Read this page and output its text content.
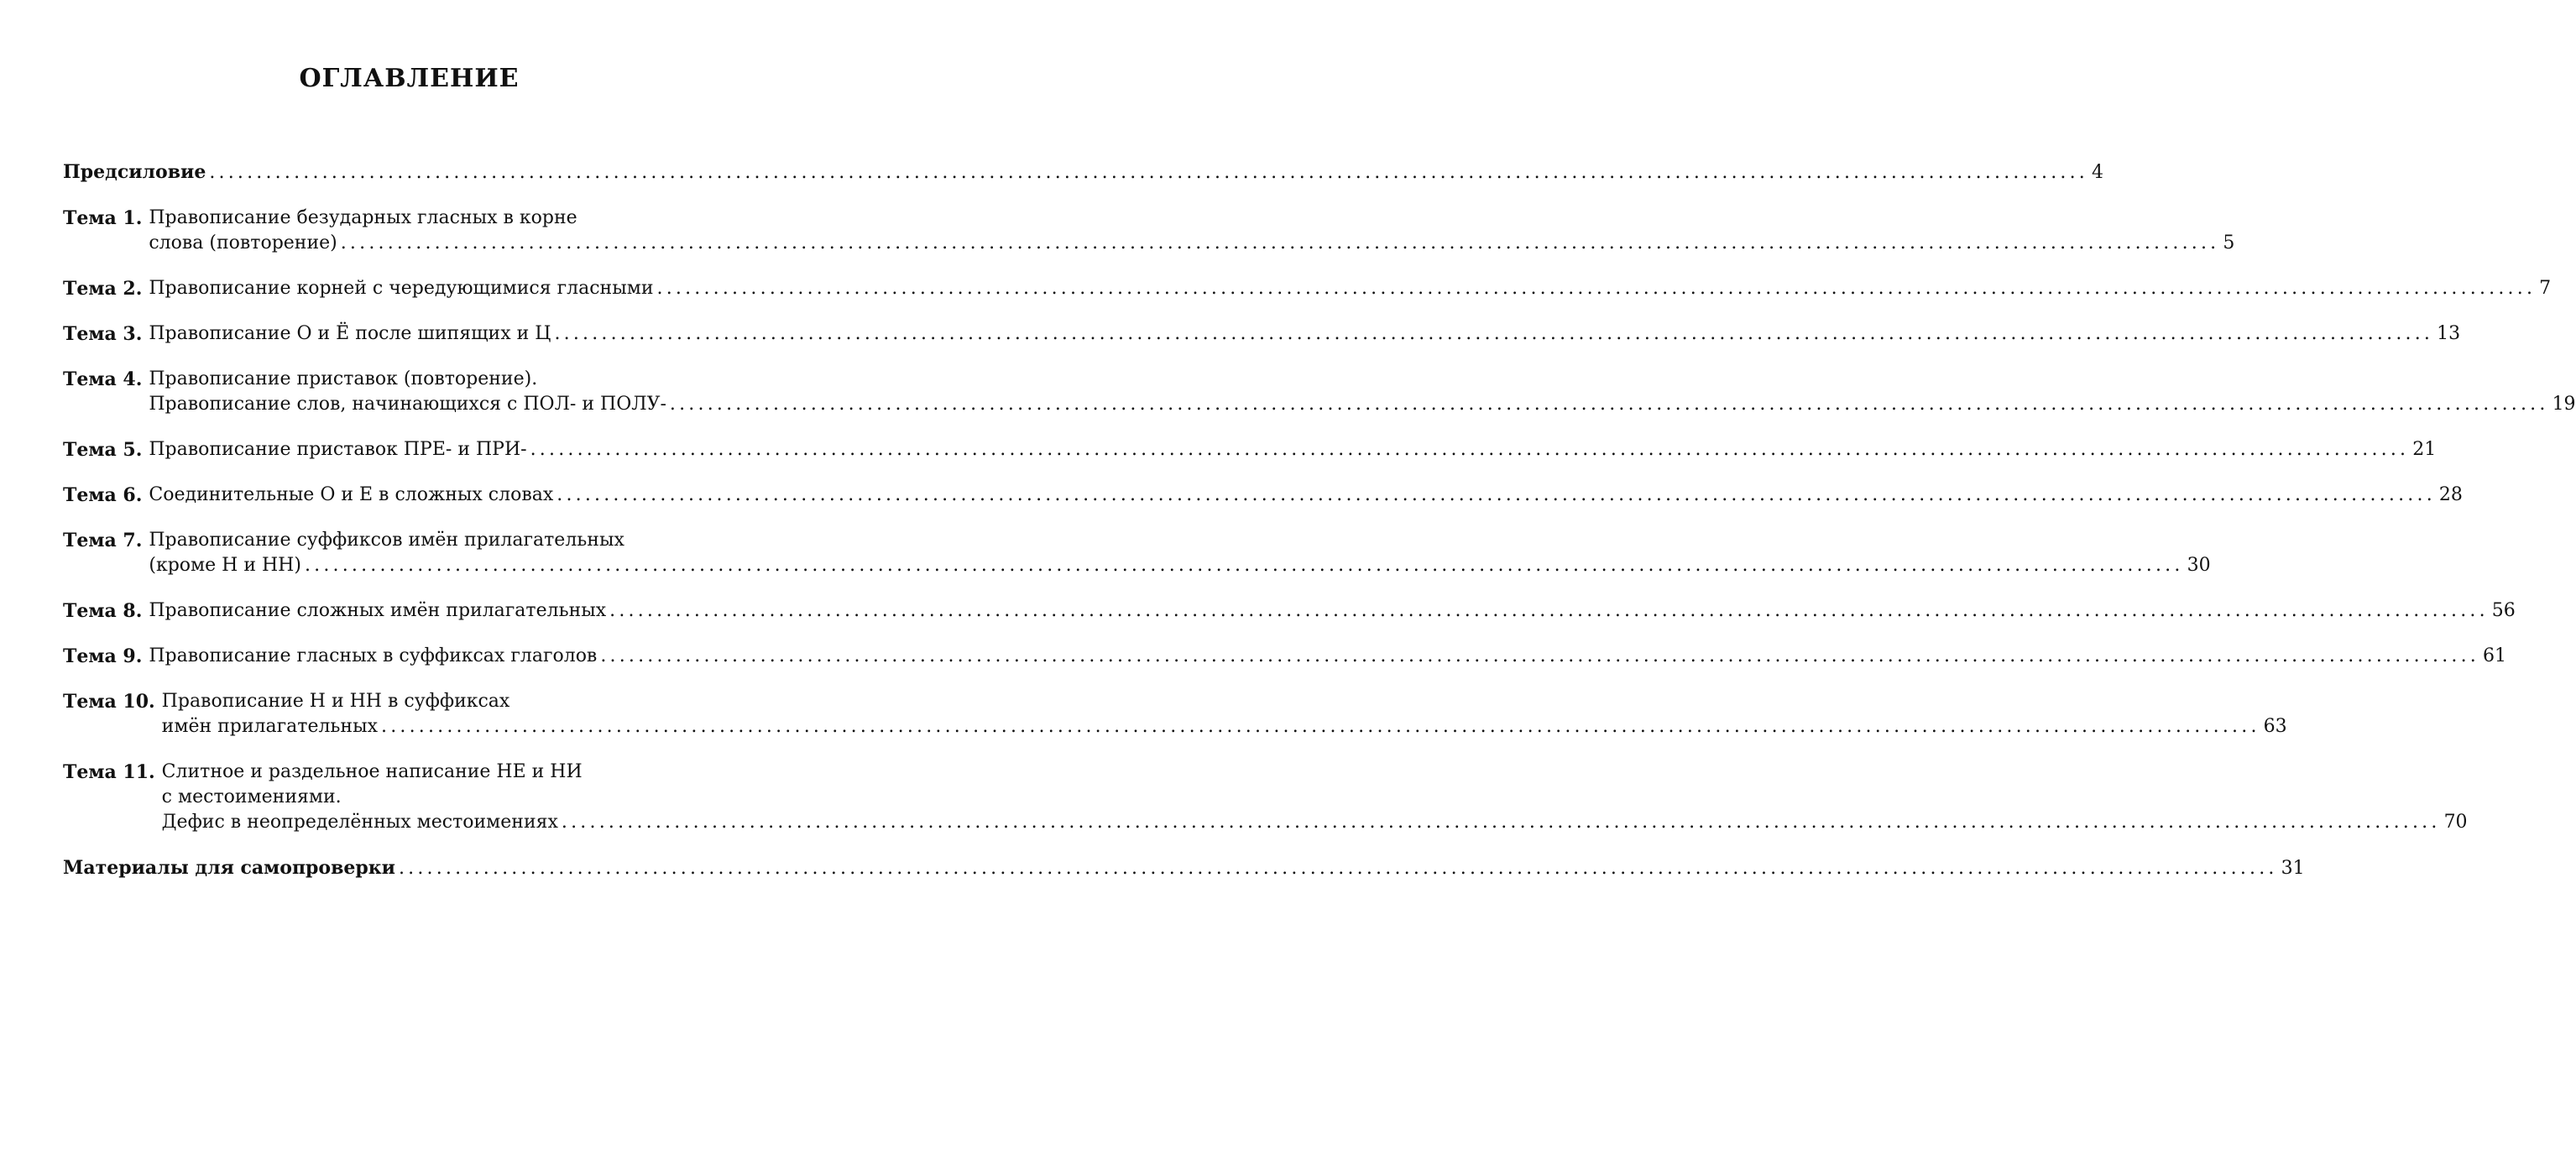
ОГЛАВЛЕНИЕ
Предсиловие ........................................................................................................................................................................................................ 4
Тема 1. Правописание безударных гласных в корне
слова (повторение) ........................................................................................................................................................................................................ 5
Тема 2. Правописание корней с чередующимися гласными ........................................................................................................................................................................................................ 7
Тема 3. Правописание О и Ё после шипящих и Ц ........................................................................................................................................................................................................ 13
Тема 4. Правописание приставок (повторение).
Правописание слов, начинающихся с ПОЛ- и ПОЛУ- ........................................................................................................................................................................................................ 19
Тема 5. Правописание приставок ПРЕ- и ПРИ- ........................................................................................................................................................................................................ 21
Тема 6. Соединительные О и Е в сложных словах ........................................................................................................................................................................................................ 28
Тема 7. Правописание суффиксов имён прилагательных
(кроме Н и НН) ........................................................................................................................................................................................................ 30
Тема 8. Правописание сложных имён прилагательных ........................................................................................................................................................................................................ 56
Тема 9. Правописание гласных в суффиксах глаголов ........................................................................................................................................................................................................ 61
Тема 10. Правописание Н и НН в суффиксах
имён прилагательных ........................................................................................................................................................................................................ 63
Тема 11. Слитное и раздельное написание НЕ и НИ
с местоимениями.
Дефис в неопределённых местоимениях ........................................................................................................................................................................................................ 70
Материалы для самопроверки ........................................................................................................................................................................................................ 31
